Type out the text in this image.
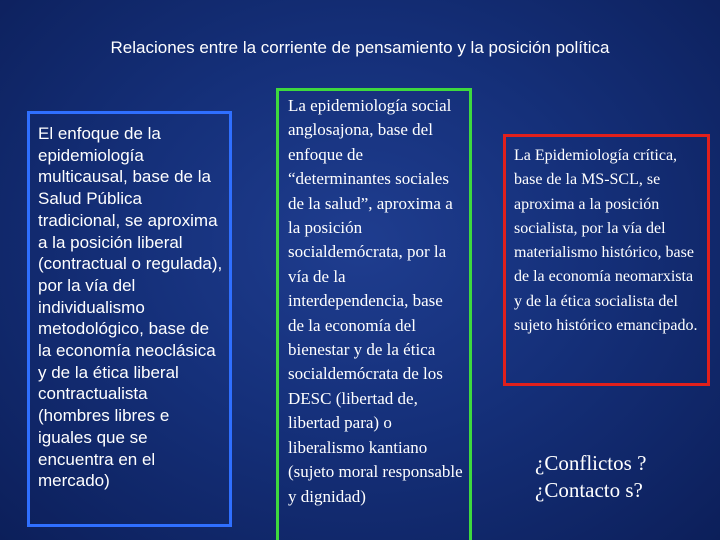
Relaciones entre la corriente de pensamiento y la posición política
El enfoque de la epidemiología multicausal, base de la Salud Pública tradicional, se aproxima a la posición liberal (contractual o regulada), por la vía del individualismo metodológico, base de la economía neoclásica y de la ética liberal contractualista (hombres libres e iguales que se encuentra en el mercado)
La epidemiología social anglosajona, base del enfoque de “determinantes sociales de la salud”, aproxima a la posición socialdemócrata, por la vía de la interdependencia, base de la economía del bienestar y de la ética socialdemócrata de los DESC (libertad de, libertad para) o liberalismo kantiano (sujeto moral responsable y dignidad)
La Epidemiología crítica, base de la MS-SCL, se aproxima a la posición socialista, por la vía del materialismo histórico, base de la economía neomarxista y de la ética socialista del sujeto histórico emancipado.
¿Conflictos ?¿Contacto s?
